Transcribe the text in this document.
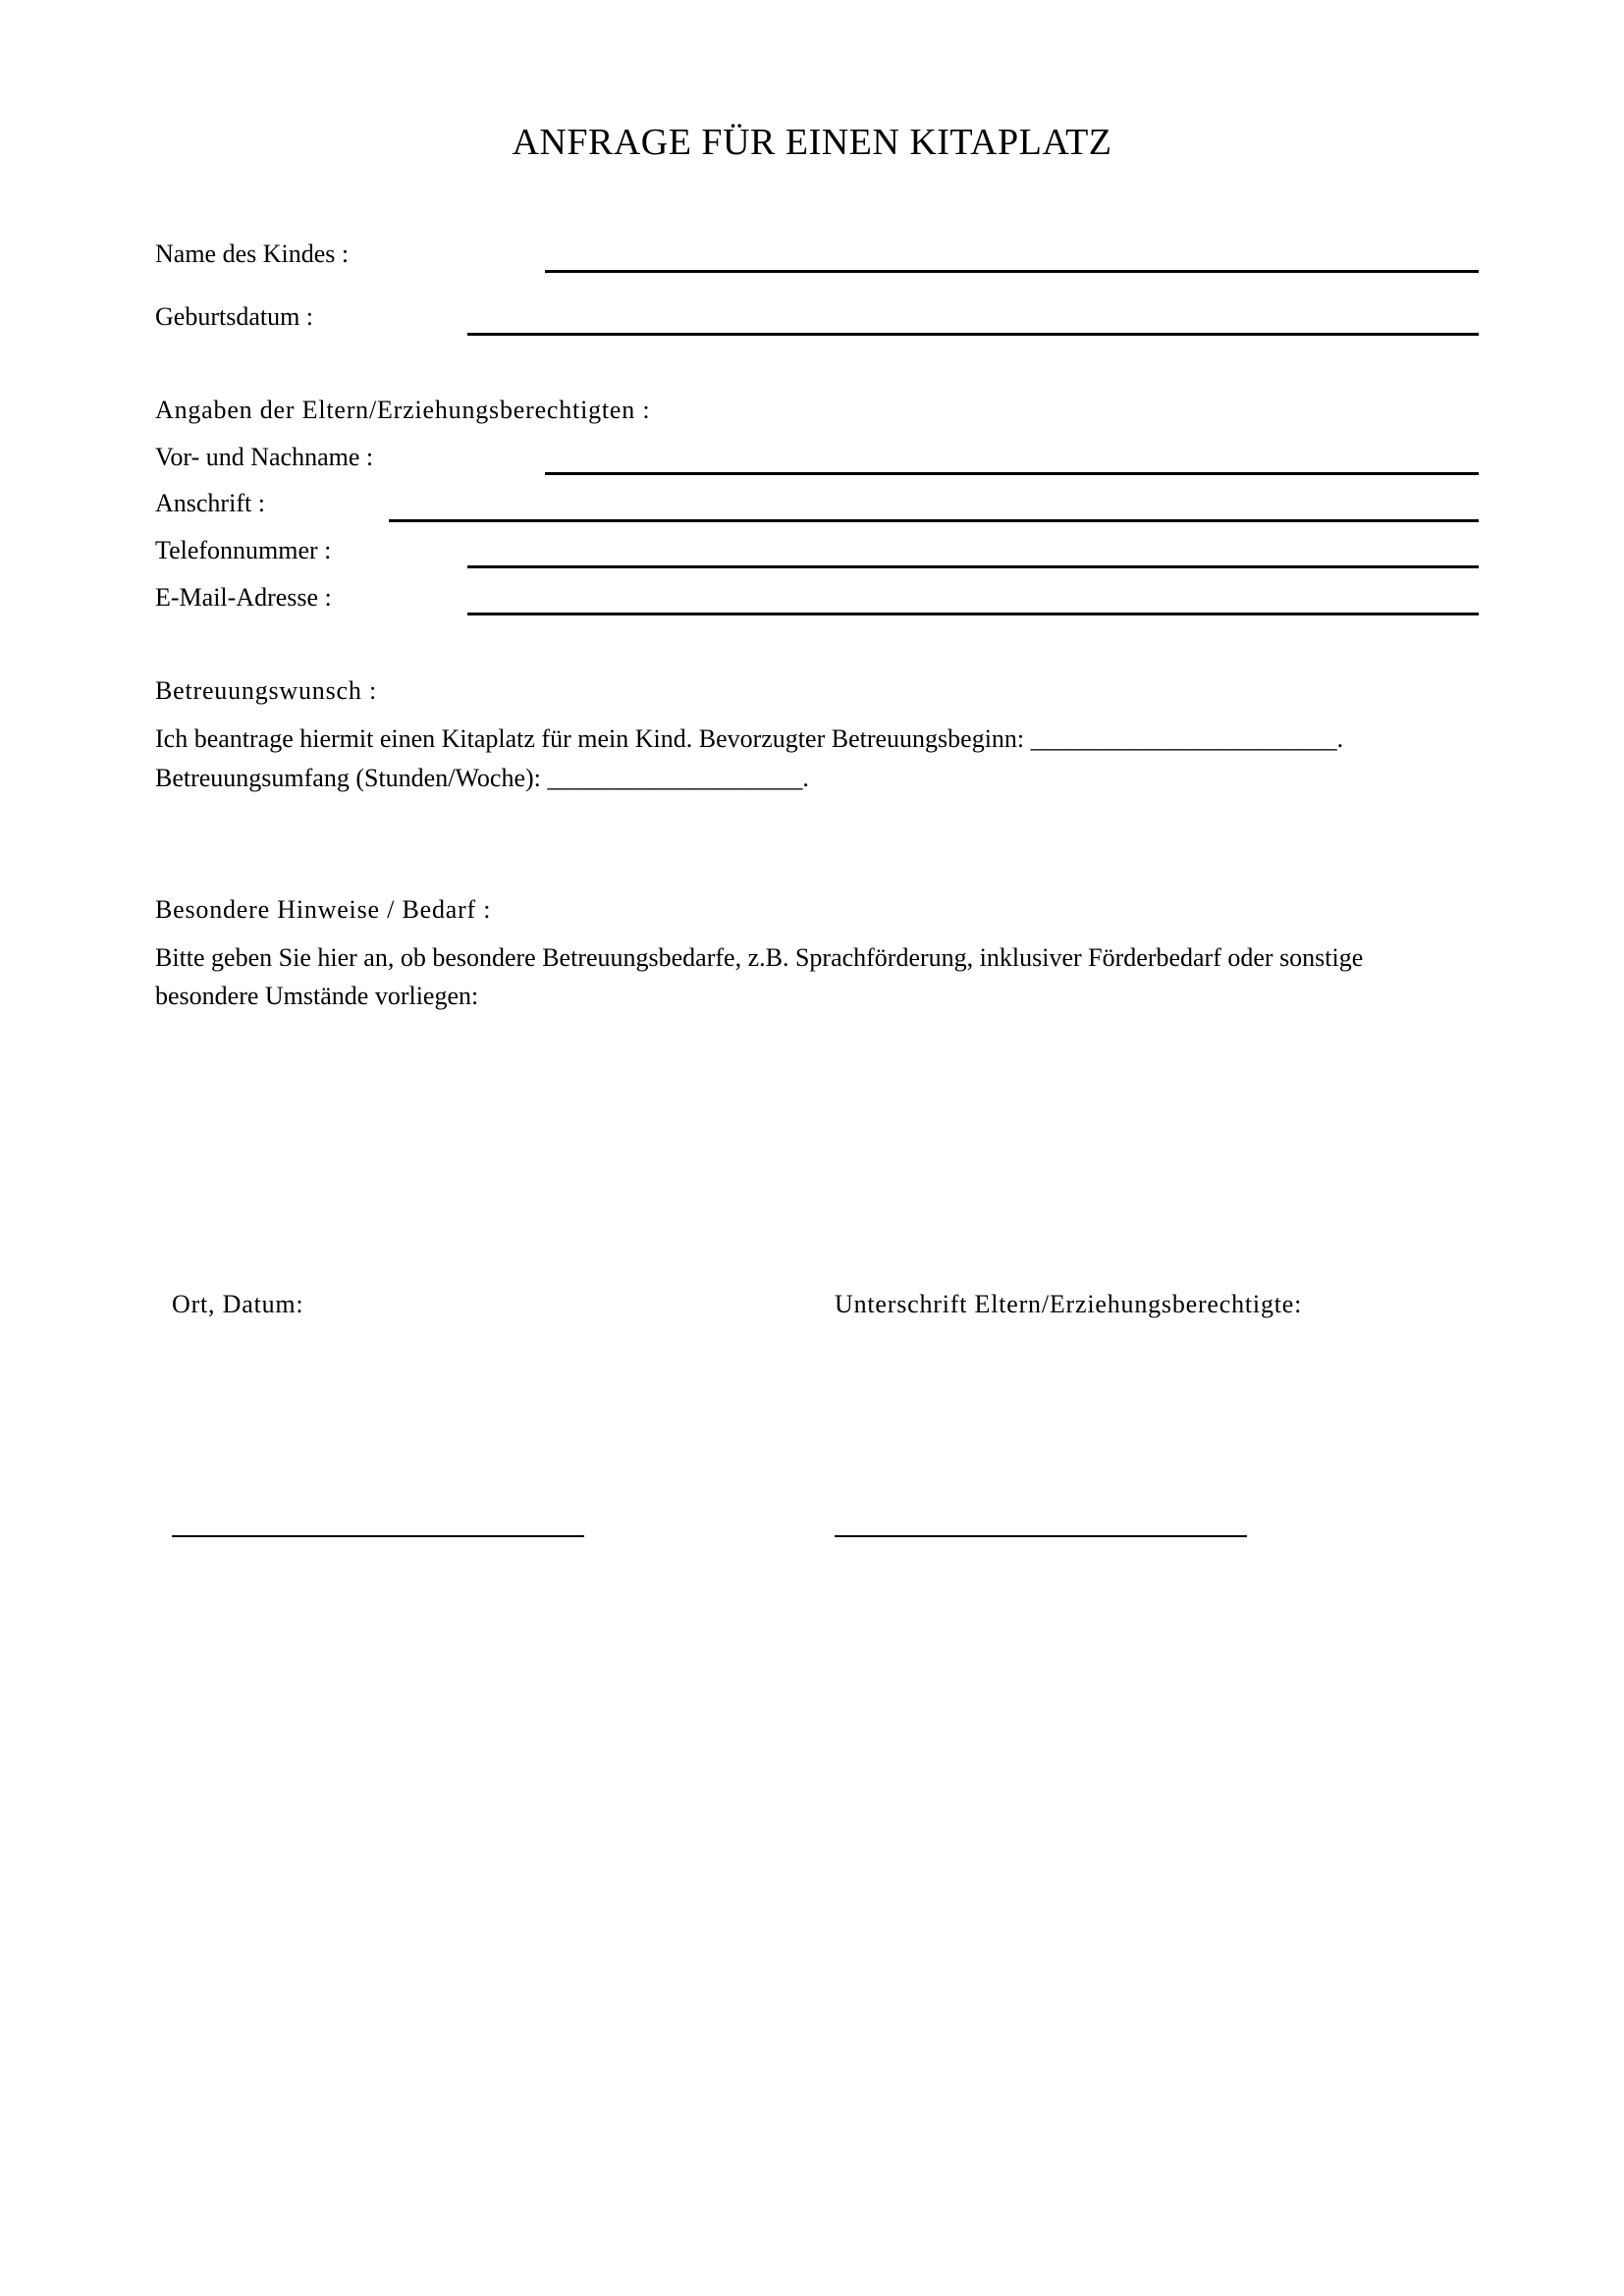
ANFRAGE FÜR EINEN KITAPLATZ
Name des Kindes :
Geburtsdatum :
Angaben der Eltern/Erziehungsberechtigten :
Vor- und Nachname :
Anschrift :
Telefonnummer :
E-Mail-Adresse :
Betreuungswunsch :
Ich beantrage hiermit einen Kitaplatz für mein Kind. Bevorzugter Betreuungsbeginn: ________________________.
Betreuungsumfang (Stunden/Woche): ____________________.
Besondere Hinweise / Bedarf :
Bitte geben Sie hier an, ob besondere Betreuungsbedarfe, z.B. Sprachförderung, inklusiver Förderbedarf oder sonstige
besondere Umstände vorliegen:
Ort, Datum:	Unterschrift Eltern/Erziehungsberechtigte:
